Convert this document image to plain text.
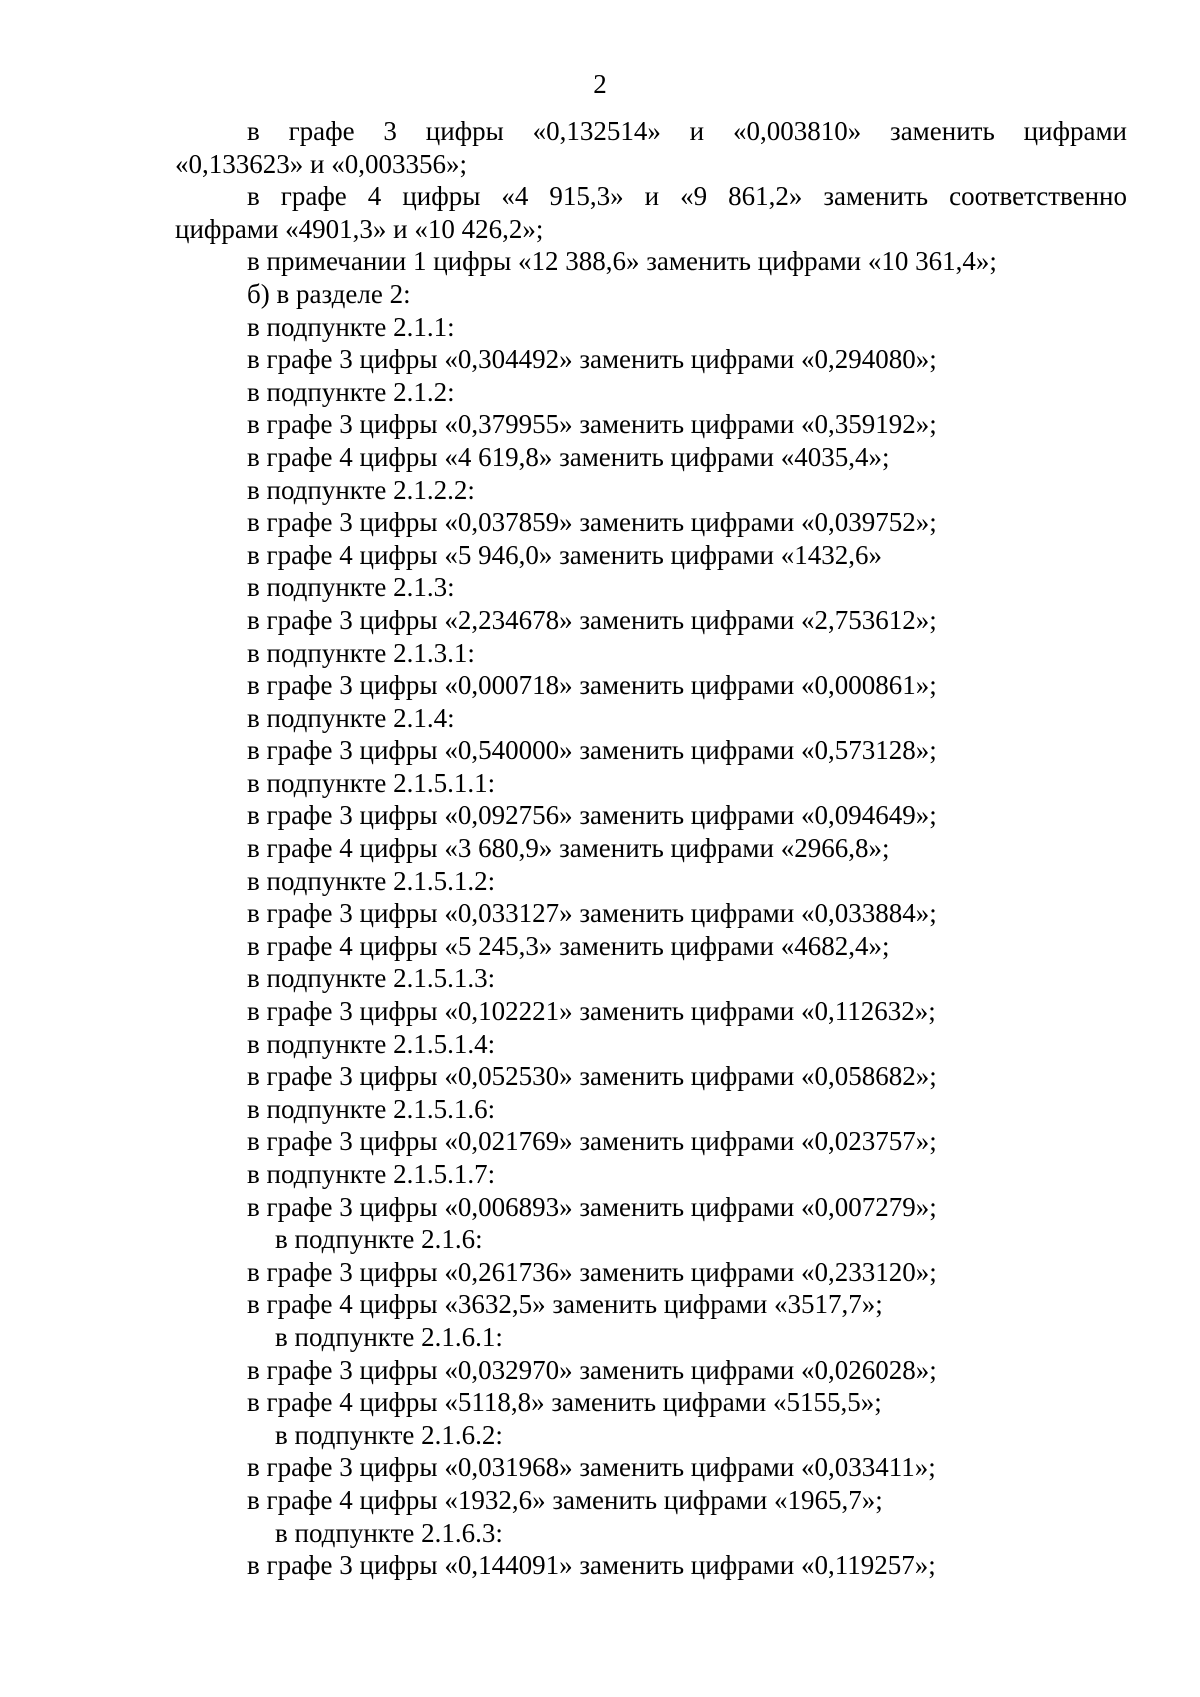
2
в графе 3 цифры «0,132514» и «0,003810» заменить цифрами
«0,133623» и «0,003356»;
в графе 4 цифры «4 915,3» и «9 861,2» заменить соответственно
цифрами «4901,3» и «10 426,2»;
в примечании 1 цифры «12 388,6» заменить цифрами «10 361,4»;
б) в разделе 2:
в подпункте 2.1.1:
в графе 3 цифры «0,304492» заменить цифрами «0,294080»;
в подпункте 2.1.2:
в графе 3 цифры «0,379955» заменить цифрами «0,359192»;
в графе 4 цифры «4 619,8» заменить цифрами «4035,4»;
в подпункте 2.1.2.2:
в графе 3 цифры «0,037859» заменить цифрами «0,039752»;
в графе 4 цифры «5 946,0» заменить цифрами «1432,6»
в подпункте 2.1.3:
в графе 3 цифры «2,234678» заменить цифрами «2,753612»;
в подпункте 2.1.3.1:
в графе 3 цифры «0,000718» заменить цифрами «0,000861»;
в подпункте 2.1.4:
в графе 3 цифры «0,540000» заменить цифрами «0,573128»;
в подпункте 2.1.5.1.1:
в графе 3 цифры «0,092756» заменить цифрами «0,094649»;
в графе 4 цифры «3 680,9» заменить цифрами «2966,8»;
в подпункте 2.1.5.1.2:
в графе 3 цифры «0,033127» заменить цифрами «0,033884»;
в графе 4 цифры «5 245,3» заменить цифрами «4682,4»;
в подпункте 2.1.5.1.3:
в графе 3 цифры «0,102221» заменить цифрами «0,112632»;
в подпункте 2.1.5.1.4:
в графе 3 цифры «0,052530» заменить цифрами «0,058682»;
в подпункте 2.1.5.1.6:
в графе 3 цифры «0,021769» заменить цифрами «0,023757»;
в подпункте 2.1.5.1.7:
в графе 3 цифры «0,006893» заменить цифрами «0,007279»;
в подпункте 2.1.6:
в графе 3 цифры «0,261736» заменить цифрами «0,233120»;
в графе 4 цифры «3632,5» заменить цифрами «3517,7»;
в подпункте 2.1.6.1:
в графе 3 цифры «0,032970» заменить цифрами «0,026028»;
в графе 4 цифры «5118,8» заменить цифрами «5155,5»;
в подпункте 2.1.6.2:
в графе 3 цифры «0,031968» заменить цифрами «0,033411»;
в графе 4 цифры «1932,6» заменить цифрами «1965,7»;
в подпункте 2.1.6.3:
в графе 3 цифры «0,144091» заменить цифрами «0,119257»;
